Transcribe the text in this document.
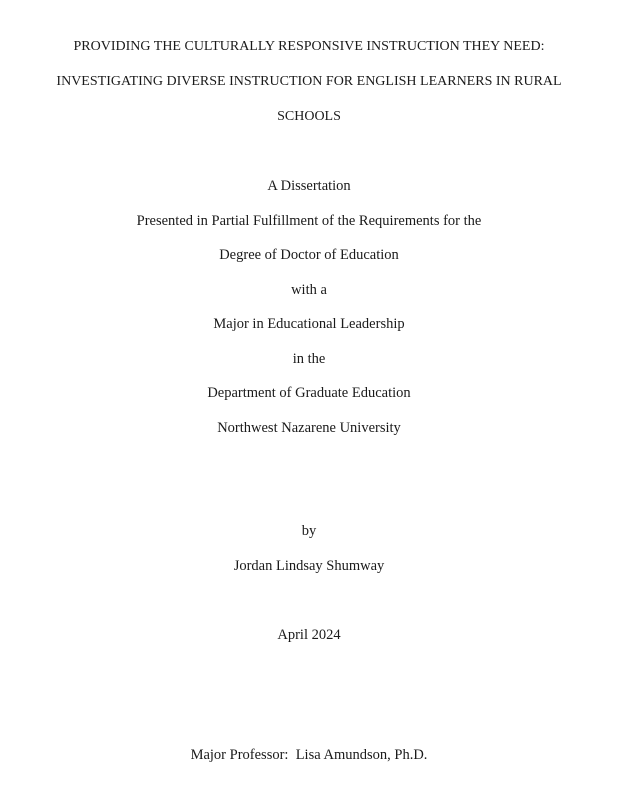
PROVIDING THE CULTURALLY RESPONSIVE INSTRUCTION THEY NEED:
INVESTIGATING DIVERSE INSTRUCTION FOR ENGLISH LEARNERS IN RURAL
SCHOOLS
A Dissertation
Presented in Partial Fulfillment of the Requirements for the
Degree of Doctor of Education
with a
Major in Educational Leadership
in the
Department of Graduate Education
Northwest Nazarene University
by
Jordan Lindsay Shumway
April 2024
Major Professor: Lisa Amundson, Ph.D.
